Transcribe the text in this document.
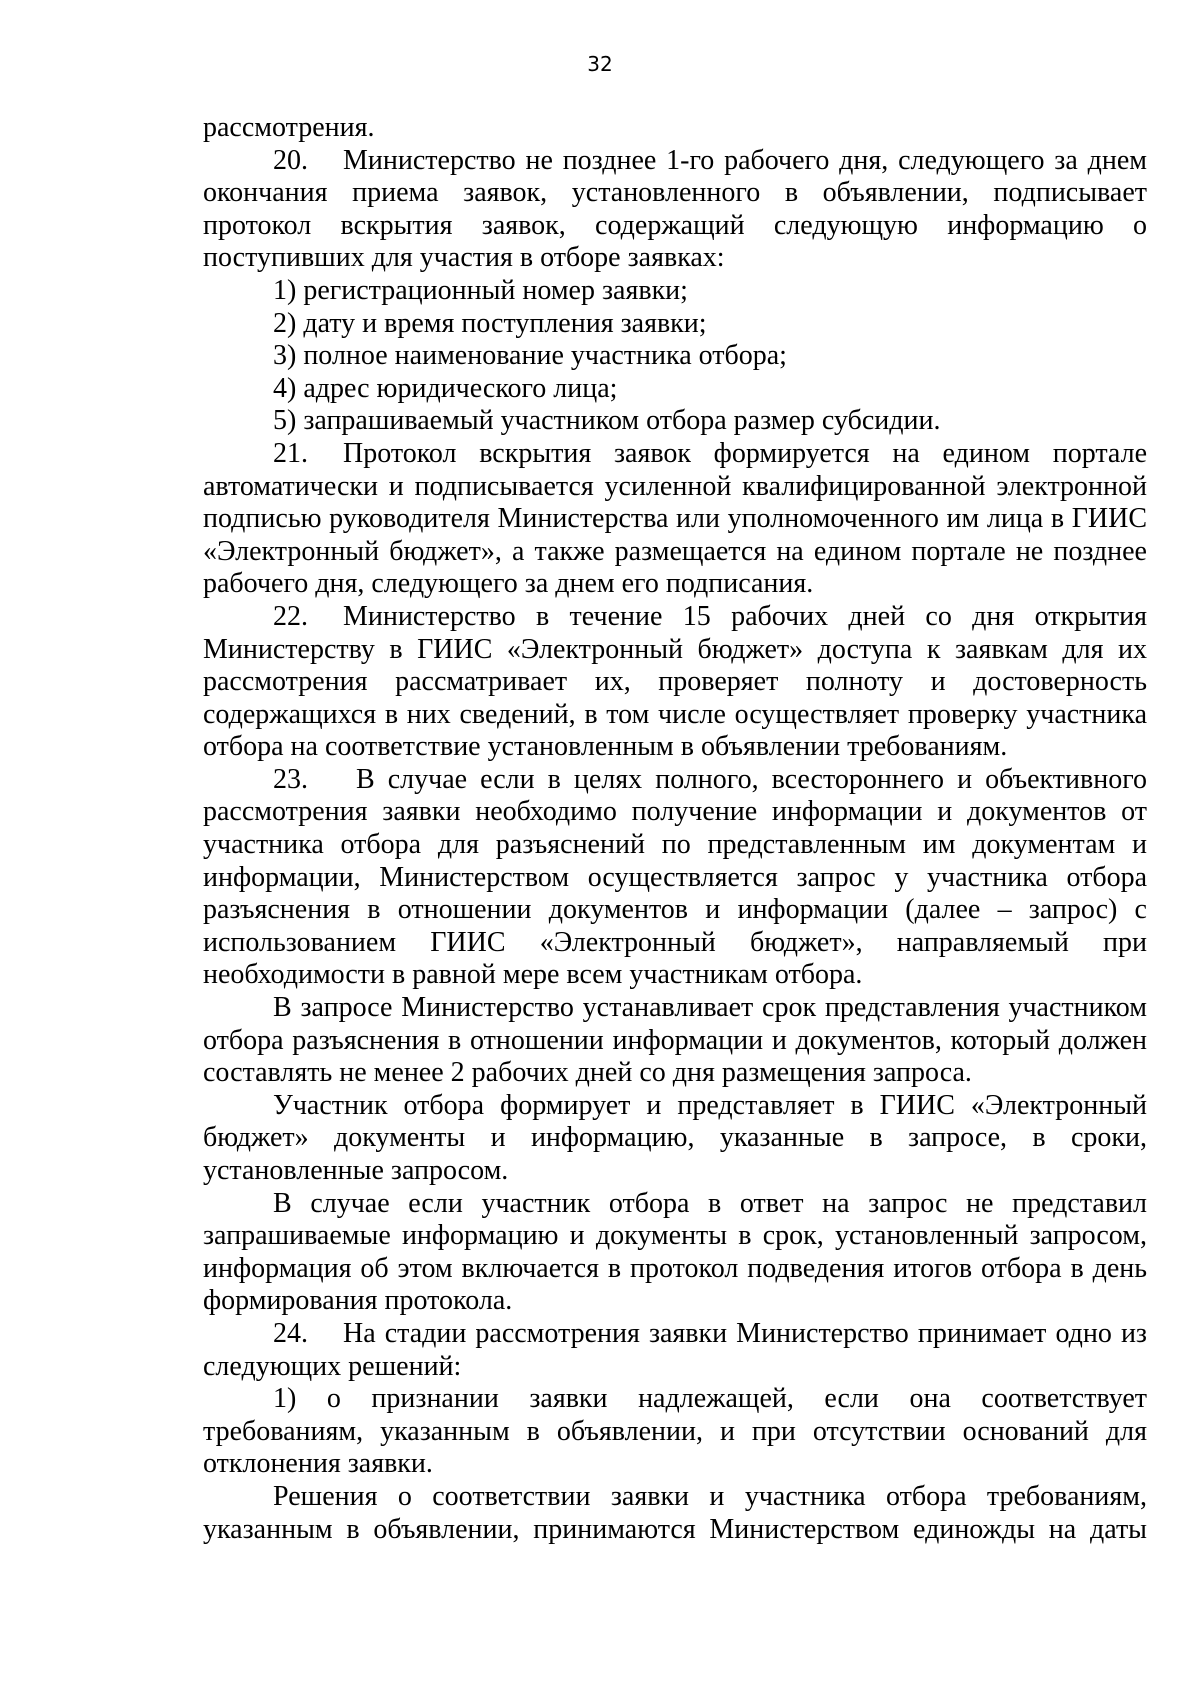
32

рассмотрения.

20. Министерство не позднее 1-го рабочего дня, следующего за днем окончания приема заявок, установленного в объявлении, подписывает протокол вскрытия заявок, содержащий следующую информацию о поступивших для участия в отборе заявках:

1) регистрационный номер заявки;

2) дату и время поступления заявки;

3) полное наименование участника отбора;

4) адрес юридического лица;

5) запрашиваемый участником отбора размер субсидии.

21. Протокол вскрытия заявок формируется на едином портале автоматически и подписывается усиленной квалифицированной электронной подписью руководителя Министерства или уполномоченного им лица в ГИИС «Электронный бюджет», а также размещается на едином портале не позднее рабочего дня, следующего за днем его подписания.

22. Министерство в течение 15 рабочих дней со дня открытия Министерству в ГИИС «Электронный бюджет» доступа к заявкам для их рассмотрения рассматривает их, проверяет полноту и достоверность содержащихся в них сведений, в том числе осуществляет проверку участника отбора на соответствие установленным в объявлении требованиям.

23. В случае если в целях полного, всестороннего и объективного рассмотрения заявки необходимо получение информации и документов от участника отбора для разъяснений по представленным им документам и информации, Министерством осуществляется запрос у участника отбора разъяснения в отношении документов и информации (далее – запрос) с использованием ГИИС «Электронный бюджет», направляемый при необходимости в равной мере всем участникам отбора.

В запросе Министерство устанавливает срок представления участником отбора разъяснения в отношении информации и документов, который должен составлять не менее 2 рабочих дней со дня размещения запроса.

Участник отбора формирует и представляет в ГИИС «Электронный бюджет» документы и информацию, указанные в запросе, в сроки, установленные запросом.

В случае если участник отбора в ответ на запрос не представил запрашиваемые информацию и документы в срок, установленный запросом, информация об этом включается в протокол подведения итогов отбора в день формирования протокола.

24. На стадии рассмотрения заявки Министерство принимает одно из следующих решений:

1) о признании заявки надлежащей, если она соответствует требованиям, указанным в объявлении, и при отсутствии оснований для отклонения заявки.

Решения о соответствии заявки и участника отбора требованиям, указанным в объявлении, принимаются Министерством единожды на даты
